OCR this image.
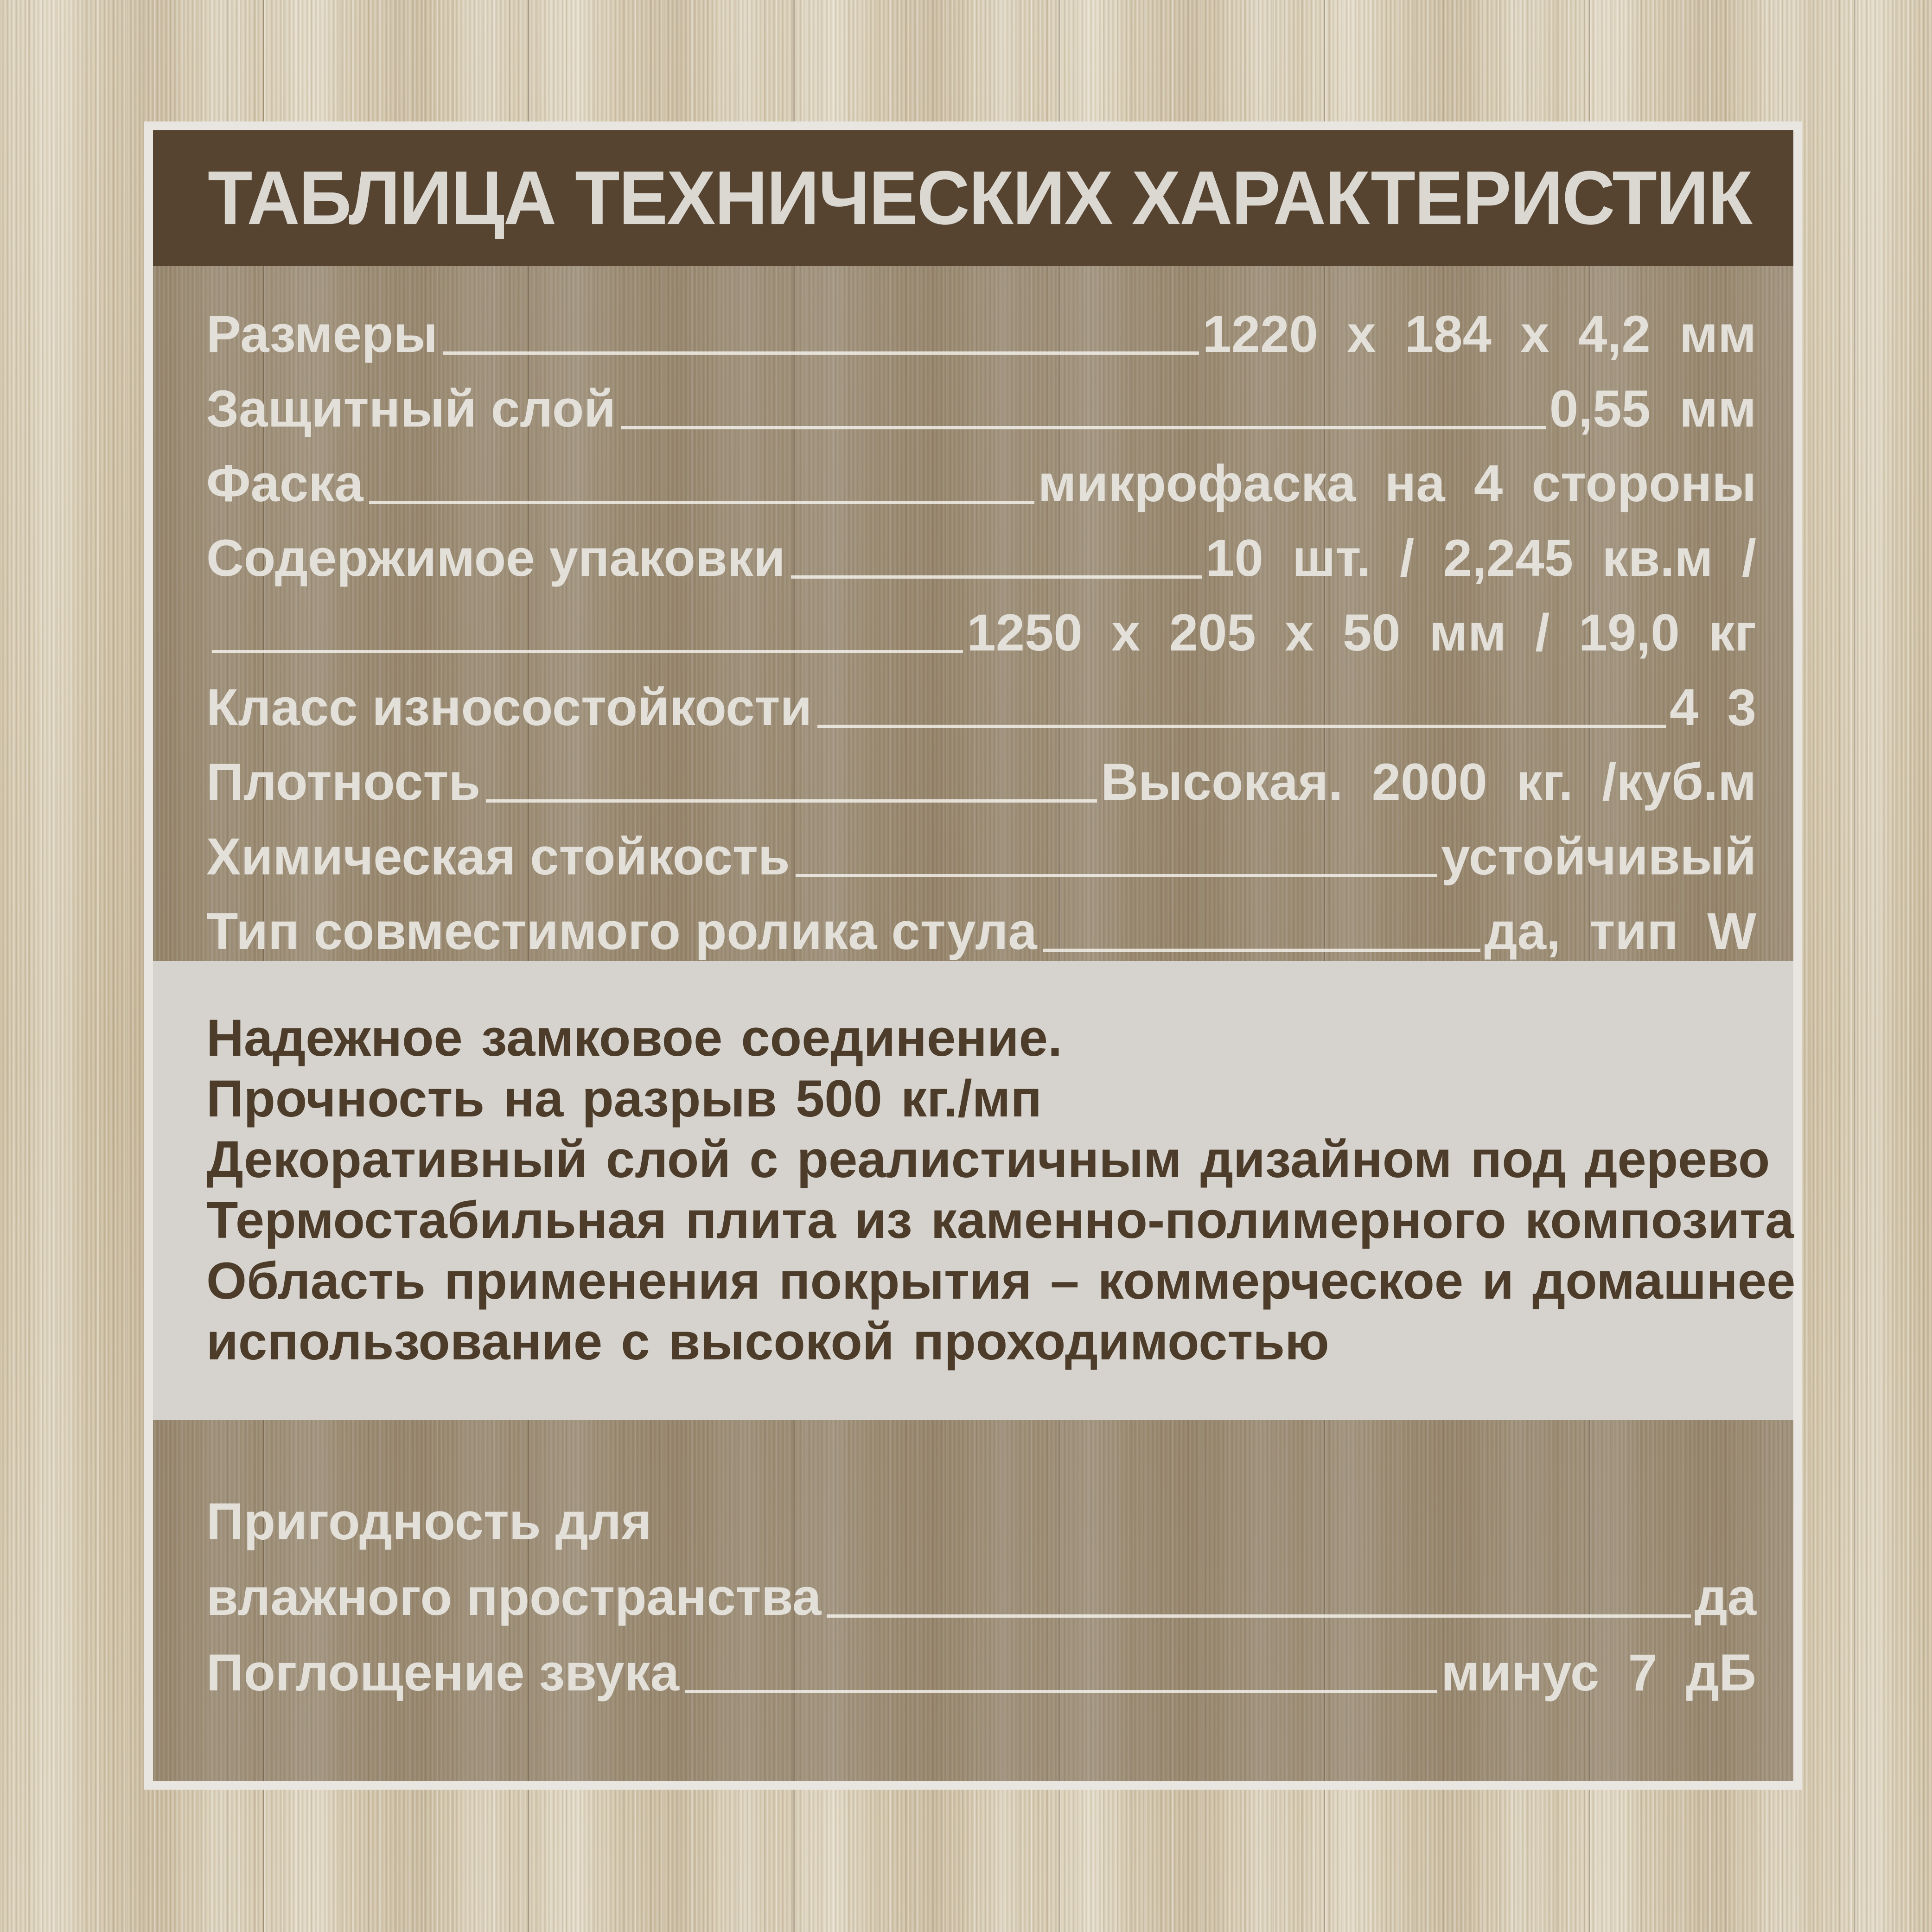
ТАБЛИЦА ТЕХНИЧЕСКИХ ХАРАКТЕРИСТИК
Размеры	1220 x 184 x 4,2 мм
Защитный слой	0,55 мм
Фаска	микрофаска на 4 стороны
Содержимое упаковки	10 шт. / 2,245 кв.м /
1250 x 205 x 50 мм / 19,0 кг
Класс износостойкости	4 3
Плотность	Высокая. 2000 кг. /куб.м
Химическая стойкость	устойчивый
Тип совместимого ролика стула	да, тип W
Надежное замковое соединение.
Прочность на разрыв 500 кг./мп
Декоративный слой с реалистичным дизайном под дерево
Термостабильная плита из каменно-полимерного композита
Область применения покрытия – коммерческое и домашнее
использование с высокой проходимостью
Пригодность для
влажного пространства	да
Поглощение звука	минус 7 дБ
